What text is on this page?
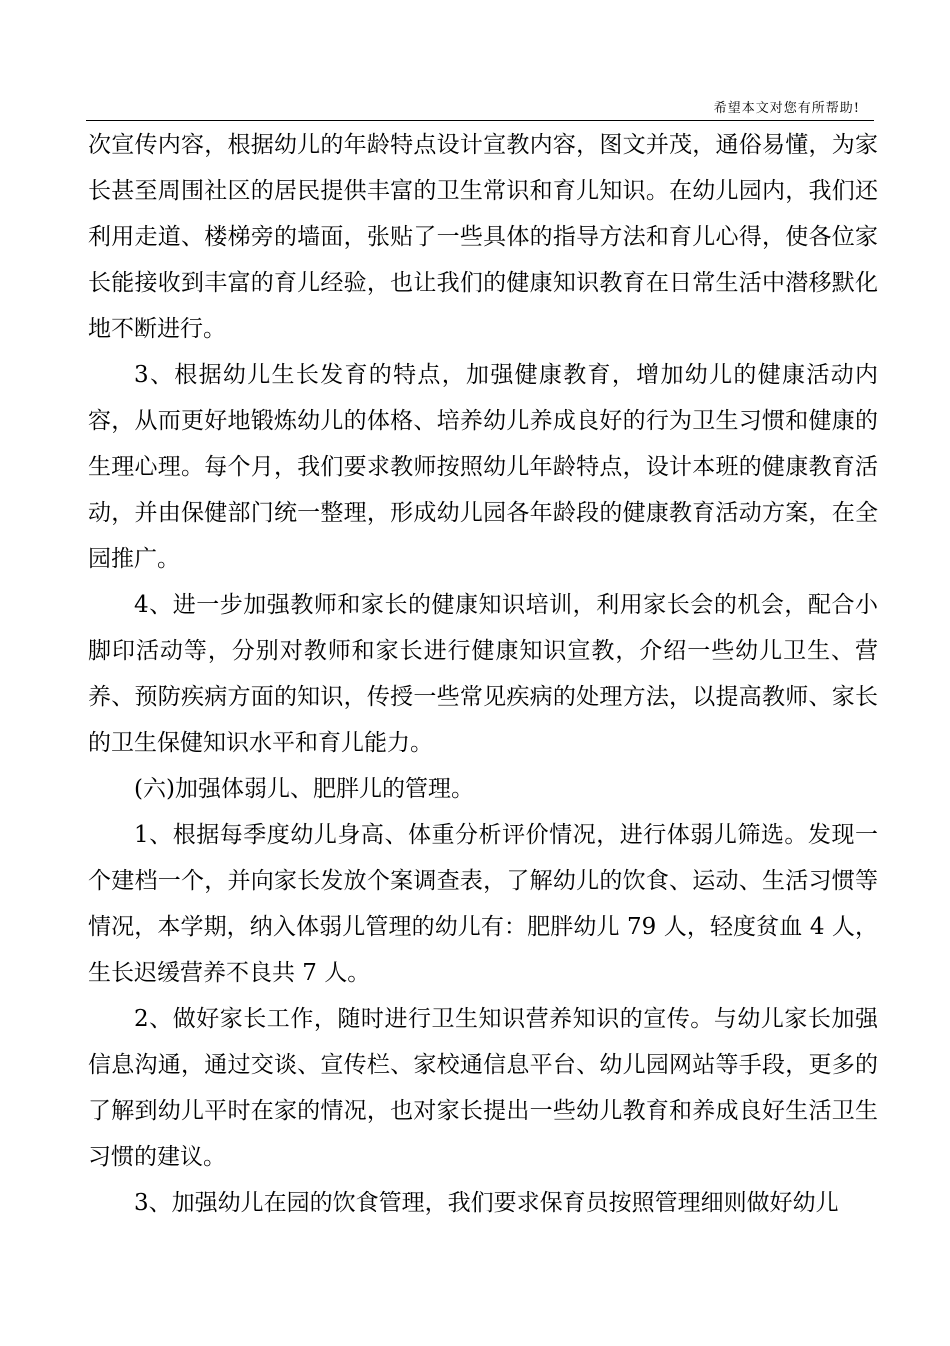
希望本文对您有所帮助!

次宣传内容，根据幼儿的年龄特点设计宣教内容，图文并茂，通俗易懂，为家长甚至周围社区的居民提供丰富的卫生常识和育儿知识。在幼儿园内，我们还利用走道、楼梯旁的墙面，张贴了一些具体的指导方法和育儿心得，使各位家长能接收到丰富的育儿经验，也让我们的健康知识教育在日常生活中潜移默化地不断进行。

3、根据幼儿生长发育的特点，加强健康教育，增加幼儿的健康活动内容，从而更好地锻炼幼儿的体格、培养幼儿养成良好的行为卫生习惯和健康的生理心理。每个月，我们要求教师按照幼儿年龄特点，设计本班的健康教育活动，并由保健部门统一整理，形成幼儿园各年龄段的健康教育活动方案，在全园推广。

4、进一步加强教师和家长的健康知识培训，利用家长会的机会，配合小脚印活动等，分别对教师和家长进行健康知识宣教，介绍一些幼儿卫生、营养、预防疾病方面的知识，传授一些常见疾病的处理方法，以提高教师、家长的卫生保健知识水平和育儿能力。

(六)加强体弱儿、肥胖儿的管理。

1、根据每季度幼儿身高、体重分析评价情况，进行体弱儿筛选。发现一个建档一个，并向家长发放个案调查表，了解幼儿的饮食、运动、生活习惯等情况，本学期，纳入体弱儿管理的幼儿有：肥胖幼儿 79 人，轻度贫血 4 人，生长迟缓营养不良共 7 人。

2、做好家长工作，随时进行卫生知识营养知识的宣传。与幼儿家长加强信息沟通，通过交谈、宣传栏、家校通信息平台、幼儿园网站等手段，更多的了解到幼儿平时在家的情况，也对家长提出一些幼儿教育和养成良好生活卫生习惯的建议。

3、加强幼儿在园的饮食管理，我们要求保育员按照管理细则做好幼儿
